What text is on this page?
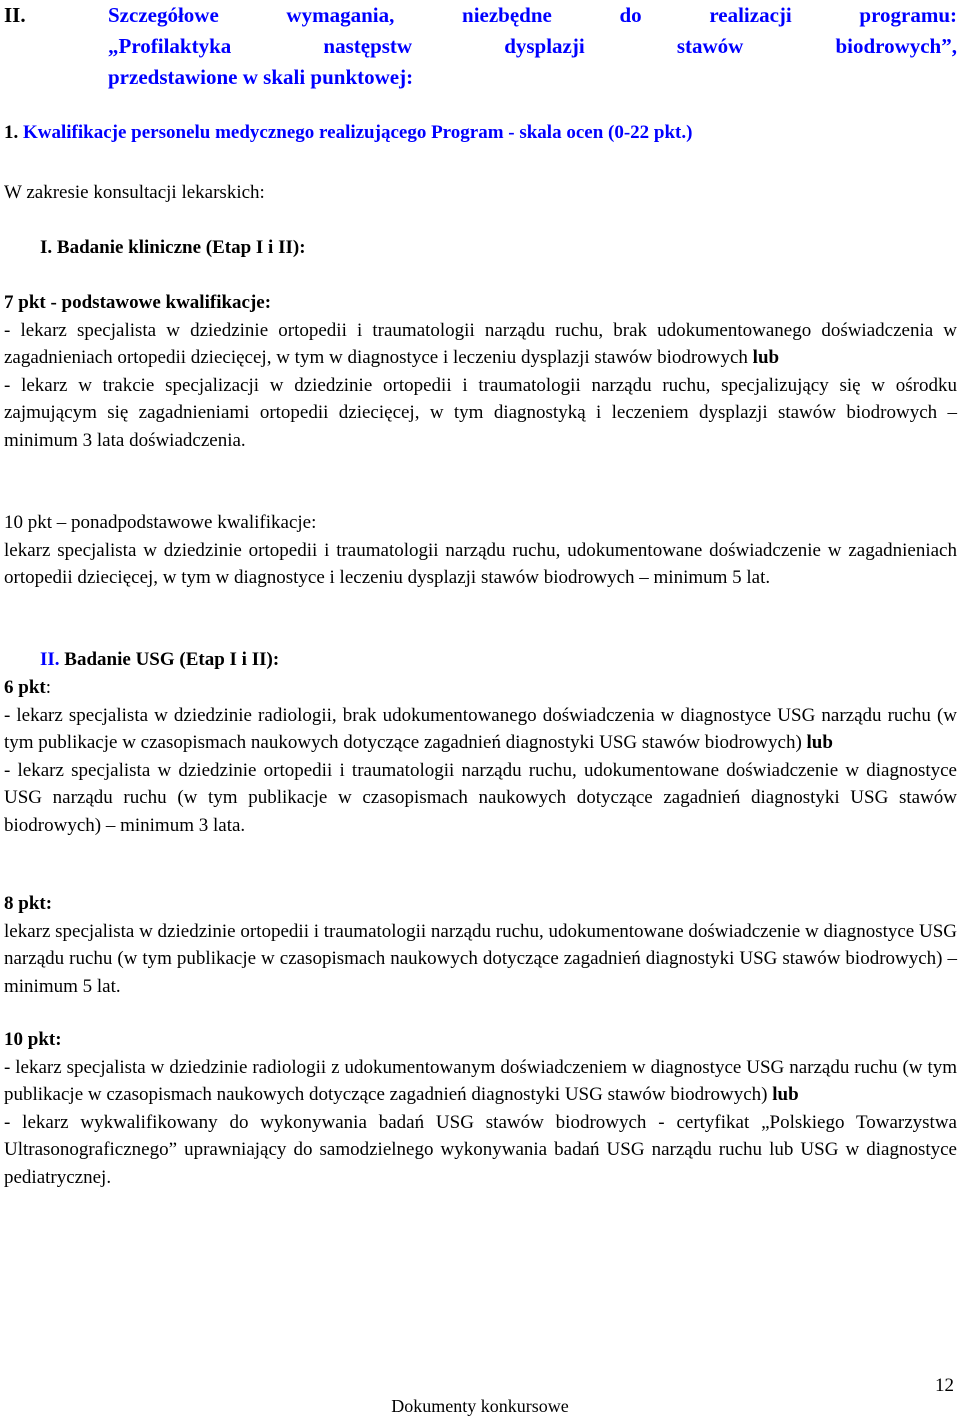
II.	Szczegółowe wymagania, niezbędne do realizacji programu:
„Profilaktyka następstw dysplazji stawów biodrowych”,
przedstawione w skali punktowej:
1. Kwalifikacje personelu medycznego realizującego Program - skala ocen (0-22 pkt.)
W zakresie konsultacji lekarskich:
I. Badanie kliniczne (Etap I i II):
7 pkt - podstawowe kwalifikacje:
- lekarz specjalista w dziedzinie ortopedii i traumatologii narządu ruchu, brak udokumentowanego doświadczenia w zagadnieniach ortopedii dziecięcej, w tym w diagnostyce i leczeniu dysplazji stawów biodrowych lub
- lekarz w trakcie specjalizacji w dziedzinie ortopedii i traumatologii narządu ruchu, specjalizujący się w ośrodku zajmującym się zagadnieniami ortopedii dziecięcej, w tym diagnostyką i leczeniem dysplazji stawów biodrowych – minimum 3 lata doświadczenia.
10 pkt – ponadpodstawowe kwalifikacje:
lekarz specjalista w dziedzinie ortopedii i traumatologii narządu ruchu, udokumentowane doświadczenie w zagadnieniach ortopedii dziecięcej, w tym w diagnostyce i leczeniu dysplazji stawów biodrowych – minimum 5 lat.
II. Badanie USG (Etap I i II):
6 pkt:
- lekarz specjalista w dziedzinie radiologii, brak udokumentowanego doświadczenia w diagnostyce USG narządu ruchu (w tym publikacje w czasopismach naukowych dotyczące zagadnień diagnostyki USG stawów biodrowych) lub
- lekarz specjalista w dziedzinie ortopedii i traumatologii narządu ruchu, udokumentowane doświadczenie w diagnostyce USG narządu ruchu (w tym publikacje w czasopismach naukowych dotyczące zagadnień diagnostyki USG stawów biodrowych) – minimum 3 lata.
8 pkt:
lekarz specjalista w dziedzinie ortopedii i traumatologii narządu ruchu, udokumentowane doświadczenie w diagnostyce USG narządu ruchu (w tym publikacje w czasopismach naukowych dotyczące zagadnień diagnostyki USG stawów biodrowych) – minimum 5 lat.
10 pkt:
- lekarz specjalista w dziedzinie radiologii z udokumentowanym doświadczeniem w diagnostyce USG narządu ruchu (w tym publikacje w czasopismach naukowych dotyczące zagadnień diagnostyki USG stawów biodrowych) lub
- lekarz wykwalifikowany do wykonywania badań USG stawów biodrowych - certyfikat „Polskiego Towarzystwa Ultrasonograficznego” uprawniający do samodzielnego wykonywania badań USG narządu ruchu lub USG w diagnostyce pediatrycznej.
Dokumenty konkursowe
12
